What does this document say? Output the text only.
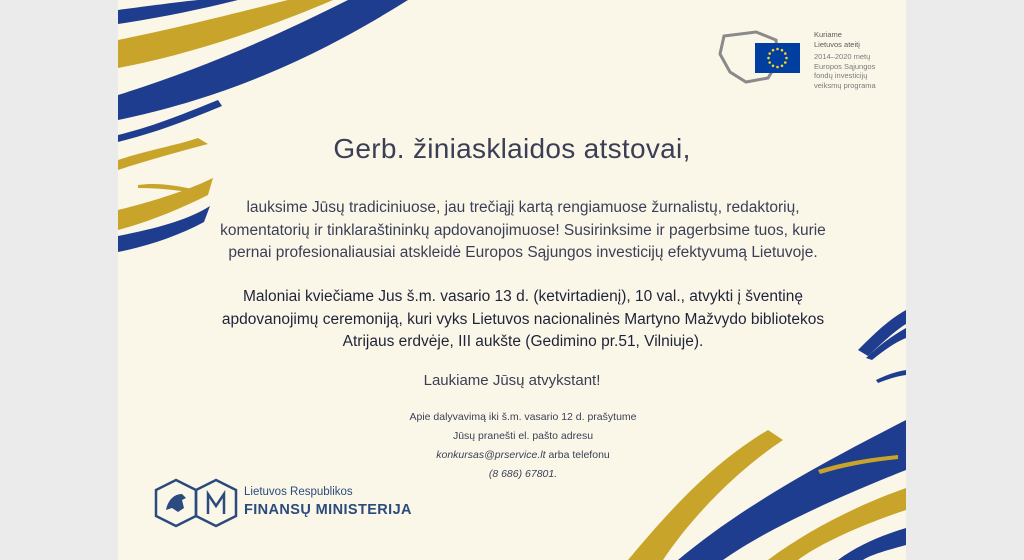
Kuriame
Lietuvos ateitį
2014–2020 metų
Europos Sąjungos
fondų investicijų
veiksmų programa
Gerb. žiniasklaidos atstovai,
lauksime Jūsų tradiciniuose, jau trečiąjį kartą rengiamuose žurnalistų, redaktorių,
komentatorių ir tinklaraštininkų apdovanojimuose! Susirinksime ir pagerbsime tuos, kurie
pernai profesionaliausiai atskleidė Europos Sąjungos investicijų efektyvumą Lietuvoje.
Maloniai kviečiame Jus š.m. vasario 13 d. (ketvirtadienį), 10 val., atvykti į šventinę
apdovanojimų ceremoniją, kuri vyks Lietuvos nacionalinės Martyno Mažvydo bibliotekos
Atrijaus erdvėje, III aukšte (Gedimino pr.51, Vilniuje).
Laukiame Jūsų atvykstant!
Apie dalyvavimą iki š.m. vasario 12 d. prašytume
Jūsų pranešti el. pašto adresu
konkursas@prservice.lt arba telefonu
(8 686) 67801.
Lietuvos Respublikos
FINANSŲ MINISTERIJA
